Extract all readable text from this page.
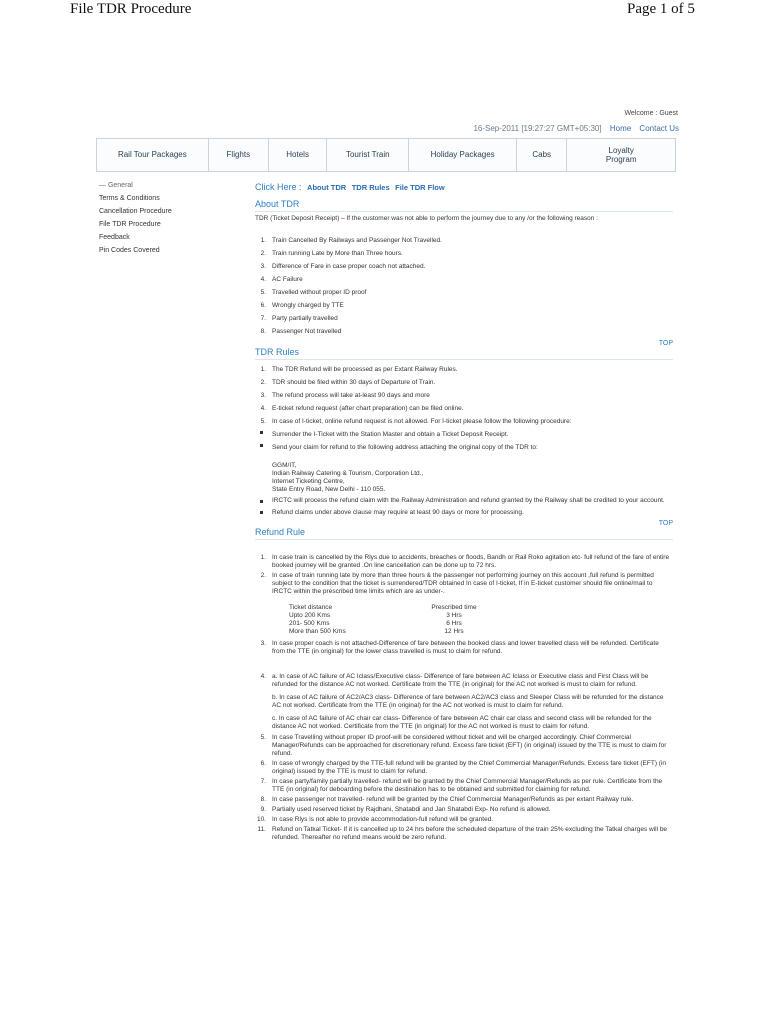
File TDR Procedure	Page 1 of 5
Welcome : Guest
16-Sep-2011 [19:27:27 GMT+05:30] Home Contact Us
Rail Tour Packages	Flights	Hotels	Tourist Train	Holiday Packages	Cabs
Loyalty Program
— General
Terms & Conditions
Cancellation Procedure
File TDR Procedure
Feedback
Pin Codes Covered
Click Here : About TDR TDR Rules File TDR Flow
About TDR
TDR (Ticket Deposit Receipt) – If the customer was not able to perform the journey due to any /or the following reason :
1. Train Cancelled By Railways and Passenger Not Travelled.
2. Train running Late by More than Three hours.
3. Difference of Fare in case proper coach not attached.
4. AC Failure
5. Travelled without proper ID proof
6. Wrongly charged by TTE
7. Party partially travelled
8. Passenger Not travelled
TOP
TDR Rules
1. The TDR Refund will be processed as per Extant Railway Rules.
2. TDR should be filed within 30 days of Departure of Train.
3. The refund process will take at-least 90 days and more
4. E-ticket refund request (after chart preparation) can be filed online.
5. In case of I-ticket, online refund request is not allowed. For I-ticket please follow the following procedure:
Surrender the I-Ticket with the Station Master and obtain a Ticket Deposit Receipt.
Send your claim for refund to the following address attaching the original copy of the TDR to:
GGM/IT,
Indian Railway Catering & Tourism, Corporation Ltd.,
Internet Ticketing Centre,
State Entry Road, New Delhi - 110 055.
IRCTC will process the refund claim with the Railway Administration and refund granted by the Railway shall be credited to your account.
Refund claims under above clause may require at least 90 days or more for processing.
TOP
Refund Rule
1. In case train is cancelled by the Rlys due to accidents, breaches or floods, Bandh or Rail Roko agitation etc- full refund of the fare of entire booked journey will be granted .On line cancellation can be done up to 72 hrs.
2. In case of train running late by more than three hours & the passenger not performing journey on this account ,full refund is permitted subject to the condition that the ticket is surrendered/TDR obtained In case of I-ticket, If in E-ticket customer should file online/mail to IRCTC within the prescribed time limits which are as under-.
Ticket distance	Prescribed time
Upto 200 Kms	3 Hrs
201- 500 Kms	6 Hrs
More than 500 Kms	12 Hrs
3. In case proper coach is not attached-Difference of fare between the booked class and lower travelled class will be refunded. Certificate from the TTE (in original) for the lower class travelled is must to claim for refund.
4. a. In case of AC failure of AC Iclass/Executive class- Difference of fare between AC Iclass or Executive class and First Class will be refunded for the distance AC not worked. Certificate from the TTE (in original) for the AC not worked is must to claim for refund.
b. In case of AC failure of AC2/AC3 class- Difference of fare between AC2/AC3 class and Sleeper Class will be refunded for the distance AC not worked. Certificate from the TTE (in original) for the AC not worked is must to claim for refund.
c. In case of AC failure of AC chair car class- Difference of fare between AC chair car class and second class will be refunded for the distance AC not worked. Certificate from the TTE (in original) for the AC not worked is must to claim for refund.
5. In case Travelling without proper ID proof-will be considered without ticket and will be charged accordingly. Chief Commercial Manager/Refunds can be approached for discretionary refund. Excess fare ticket (EFT) (in original) issued by the TTE is must to claim for refund.
6. In case of wrongly charged by the TTE-full refund will be granted by the Chief Commercial Manager/Refunds. Excess fare ticket (EFT) (in original) issued by the TTE is must to claim for refund.
7. In case party/family partially travelled- refund will be granted by the Chief Commercial Manager/Refunds as per rule. Certificate from the TTE (in original) for deboarding before the destination has to be obtained and submitted for claiming for refund.
8. In case passenger not travelled- refund will be granted by the Chief Commercial Manager/Refunds as per extant Railway rule.
9. Partially used reserved ticket by Rajdhani, Shatabdi and Jan Shatabdi Exp- No refund is allowed.
10. In case Rlys is not able to provide accommodation-full refund will be granted.
11. Refund on Tatkal Ticket- If it is cancelled up to 24 hrs before the scheduled departure of the train 25% excluding the Tatkal charges will be refunded. Thereafter no refund means would be zero refund.
